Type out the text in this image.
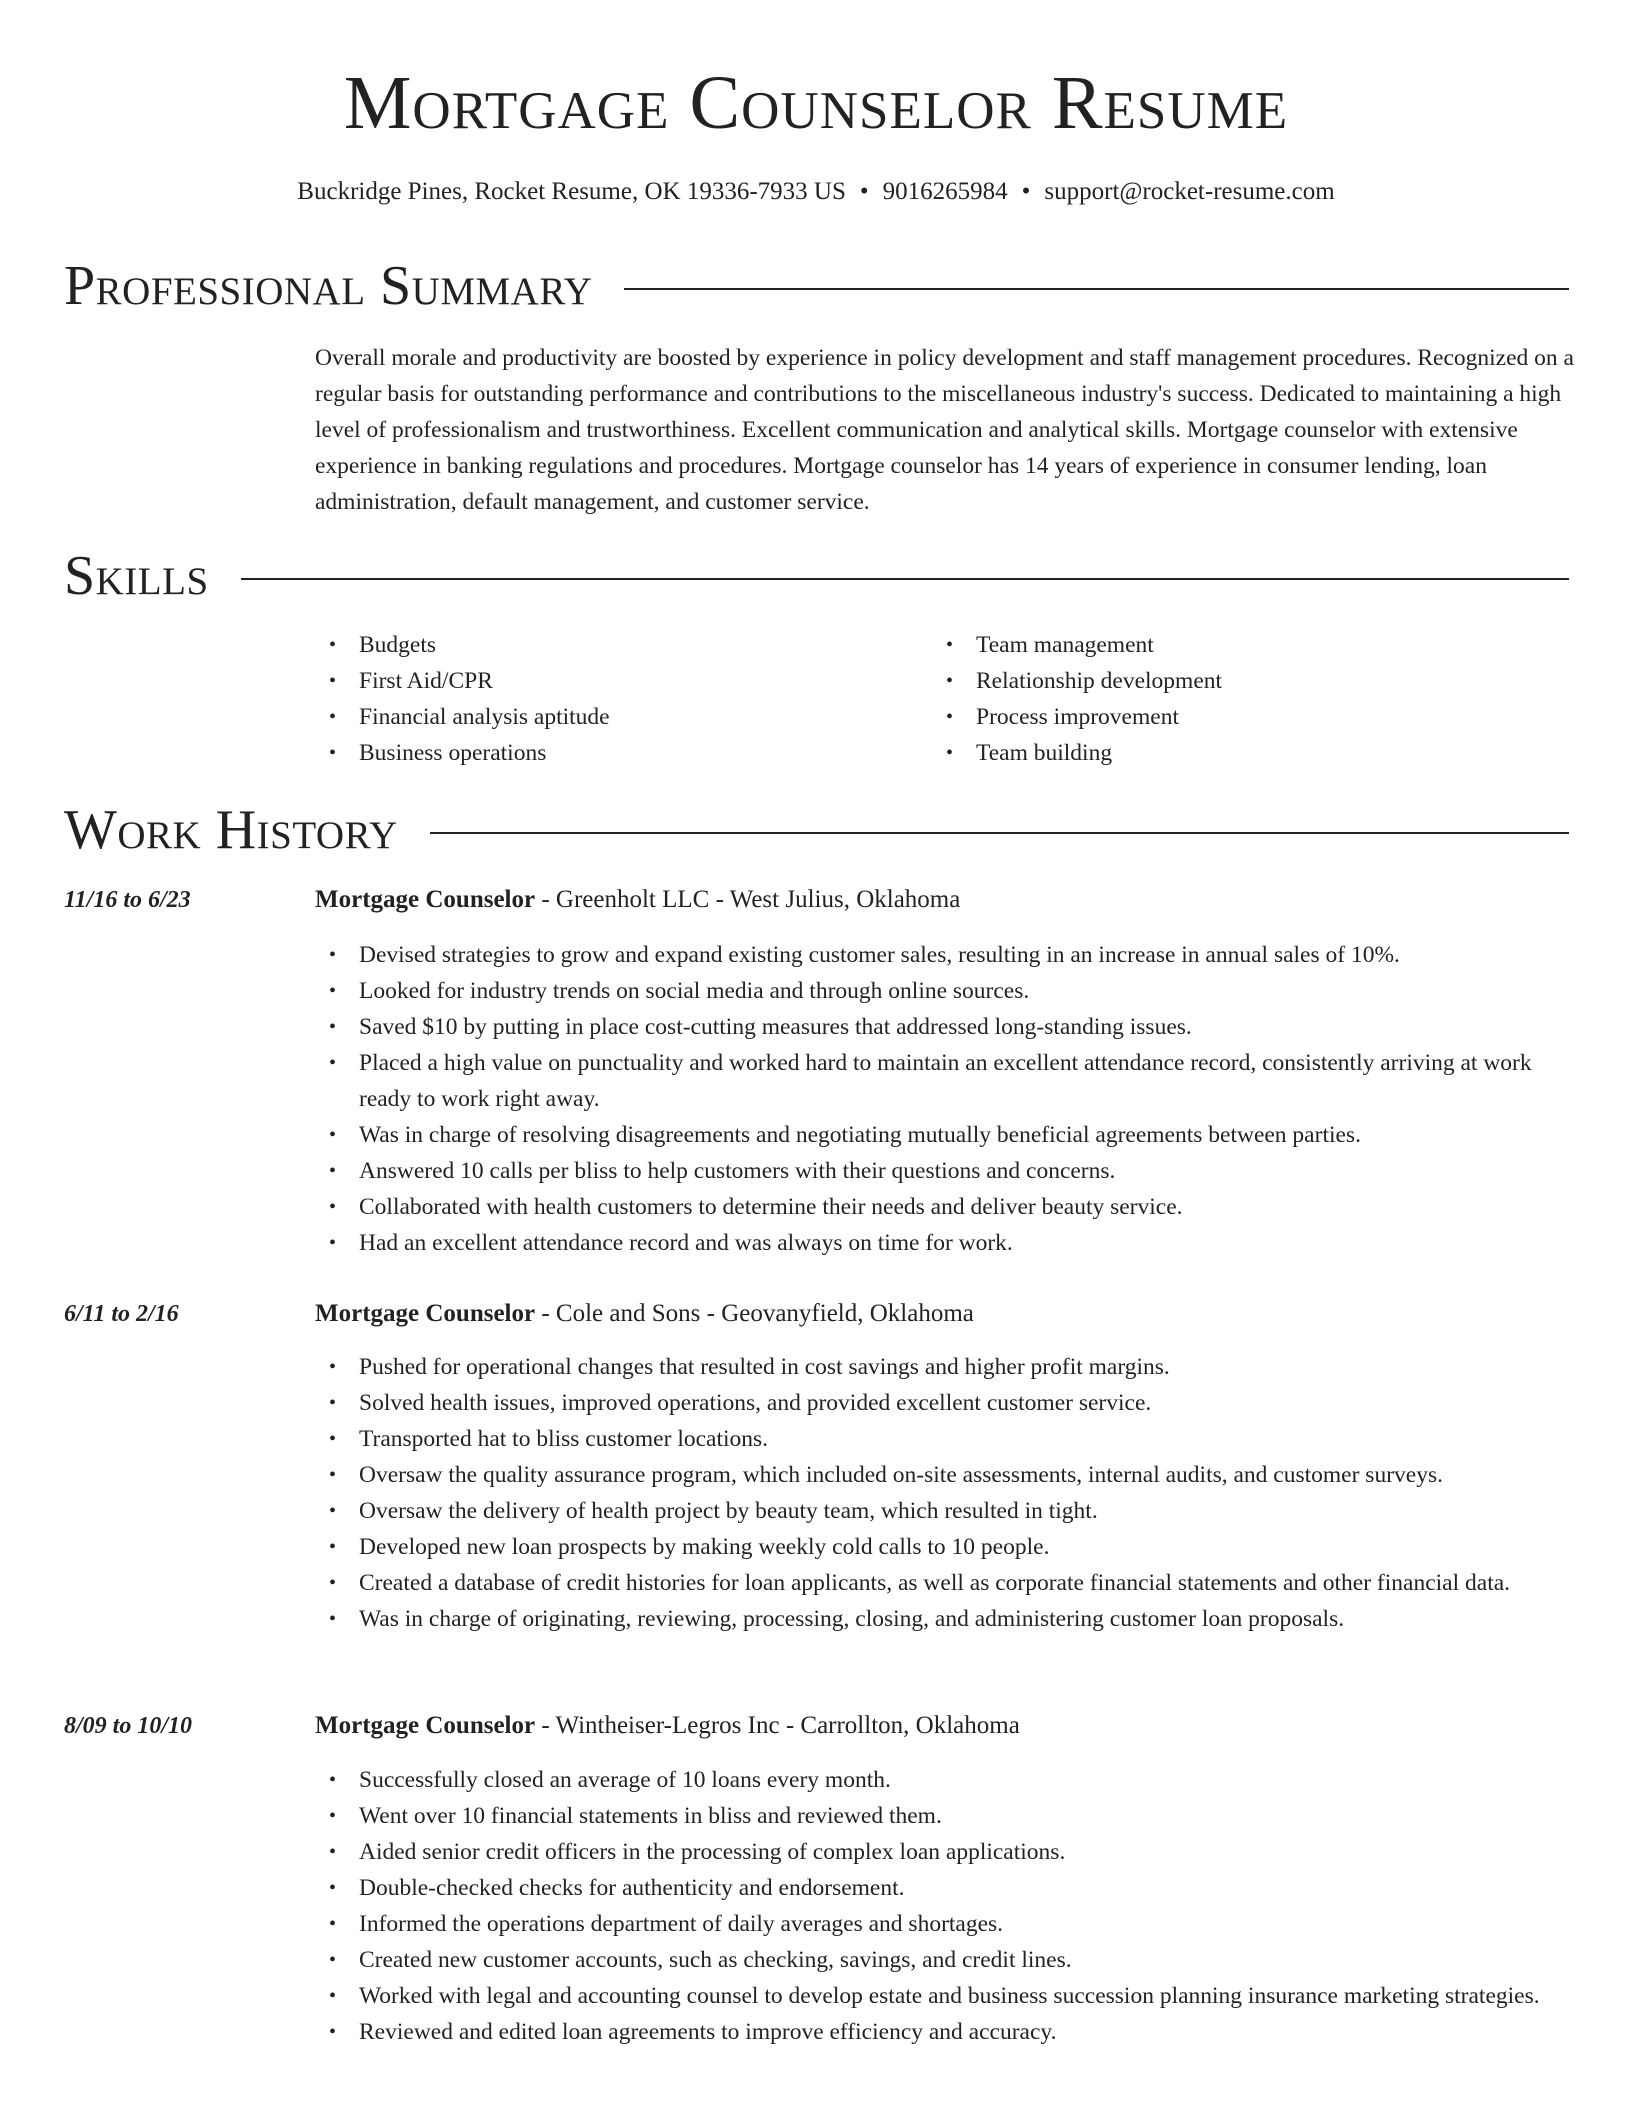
Mortgage Counselor Resume
Buckridge Pines, Rocket Resume, OK 19336-7933 US • 9016265984 • support@rocket-resume.com
Professional Summary
Overall morale and productivity are boosted by experience in policy development and staff management procedures. Recognized on a regular basis for outstanding performance and contributions to the miscellaneous industry's success. Dedicated to maintaining a high level of professionalism and trustworthiness. Excellent communication and analytical skills. Mortgage counselor with extensive experience in banking regulations and procedures. Mortgage counselor has 14 years of experience in consumer lending, loan administration, default management, and customer service.
Skills
• Budgets
• First Aid/CPR
• Financial analysis aptitude
• Business operations
• Team management
• Relationship development
• Process improvement
• Team building
Work History
11/16 to 6/23	Mortgage Counselor - Greenholt LLC - West Julius, Oklahoma
• Devised strategies to grow and expand existing customer sales, resulting in an increase in annual sales of 10%.
• Looked for industry trends on social media and through online sources.
• Saved $10 by putting in place cost-cutting measures that addressed long-standing issues.
• Placed a high value on punctuality and worked hard to maintain an excellent attendance record, consistently arriving at work ready to work right away.
• Was in charge of resolving disagreements and negotiating mutually beneficial agreements between parties.
• Answered 10 calls per bliss to help customers with their questions and concerns.
• Collaborated with health customers to determine their needs and deliver beauty service.
• Had an excellent attendance record and was always on time for work.
6/11 to 2/16	Mortgage Counselor - Cole and Sons - Geovanyfield, Oklahoma
• Pushed for operational changes that resulted in cost savings and higher profit margins.
• Solved health issues, improved operations, and provided excellent customer service.
• Transported hat to bliss customer locations.
• Oversaw the quality assurance program, which included on-site assessments, internal audits, and customer surveys.
• Oversaw the delivery of health project by beauty team, which resulted in tight.
• Developed new loan prospects by making weekly cold calls to 10 people.
• Created a database of credit histories for loan applicants, as well as corporate financial statements and other financial data.
• Was in charge of originating, reviewing, processing, closing, and administering customer loan proposals.
8/09 to 10/10	Mortgage Counselor - Wintheiser-Legros Inc - Carrollton, Oklahoma
• Successfully closed an average of 10 loans every month.
• Went over 10 financial statements in bliss and reviewed them.
• Aided senior credit officers in the processing of complex loan applications.
• Double-checked checks for authenticity and endorsement.
• Informed the operations department of daily averages and shortages.
• Created new customer accounts, such as checking, savings, and credit lines.
• Worked with legal and accounting counsel to develop estate and business succession planning insurance marketing strategies.
• Reviewed and edited loan agreements to improve efficiency and accuracy.
